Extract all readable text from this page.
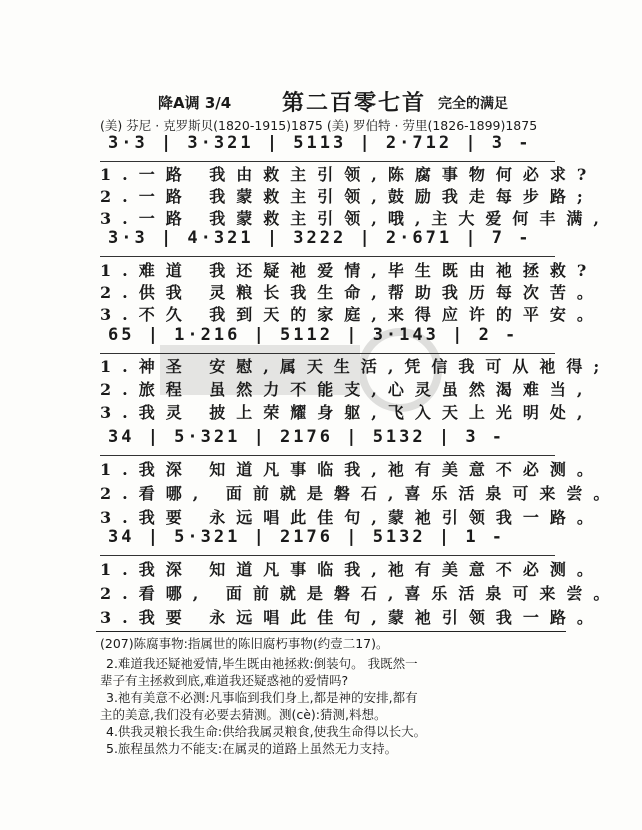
降A调 3/4 第二百零七首 完全的满足
(美) 芬尼 · 克罗斯贝(1820-1915)1875 (美) 罗伯特 · 劳里(1826-1899)1875
3·3 | 3·321 | 5113 | 2·712 | 3 -
1.一路 我由救主引领,陈腐事物何必求?
2.一路 我蒙救主引领,鼓励我走每步路;
3.一路 我蒙救主引领,哦,主大爱何丰满,
3·3 | 4·321 | 3222 | 2·671 | 7 -
1.难道 我还疑祂爱情,毕生既由祂拯救?
2.供我 灵粮长我生命,帮助我历每次苦。
3.不久 我到天的家庭,来得应许的平安。
65 | 1·216 | 5112 | 3·143 | 2 -
1.神圣 安慰,属天生活,凭信我可从祂得;
2.旅程 虽然力不能支,心灵虽然渴难当,
3.我灵 披上荣耀身躯,飞入天上光明处,
34 | 5·321 | 2176 | 5132 | 3 -
1.我深 知道凡事临我,祂有美意不必测。
2.看哪, 面前就是磐石,喜乐活泉可来尝。
3.我要 永远唱此佳句,蒙祂引领我一路。
34 | 5·321 | 2176 | 5132 | 1 -
1.我深 知道凡事临我,祂有美意不必测。
2.看哪, 面前就是磐石,喜乐活泉可来尝。
3.我要 永远唱此佳句,蒙祂引领我一路。
(207)陈腐事物:指属世的陈旧腐朽事物(约壹二17)。
2.难道我还疑祂爱情,毕生既由祂拯救:倒装句。 我既然一
辈子有主拯救到底,难道我还疑惑祂的爱情吗?
3.祂有美意不必测:凡事临到我们身上,都是神的安排,都有
主的美意,我们没有必要去猜测。测(cè):猜测,料想。
4.供我灵粮长我生命:供给我属灵粮食,使我生命得以长大。
5.旅程虽然力不能支:在属灵的道路上虽然无力支持。
